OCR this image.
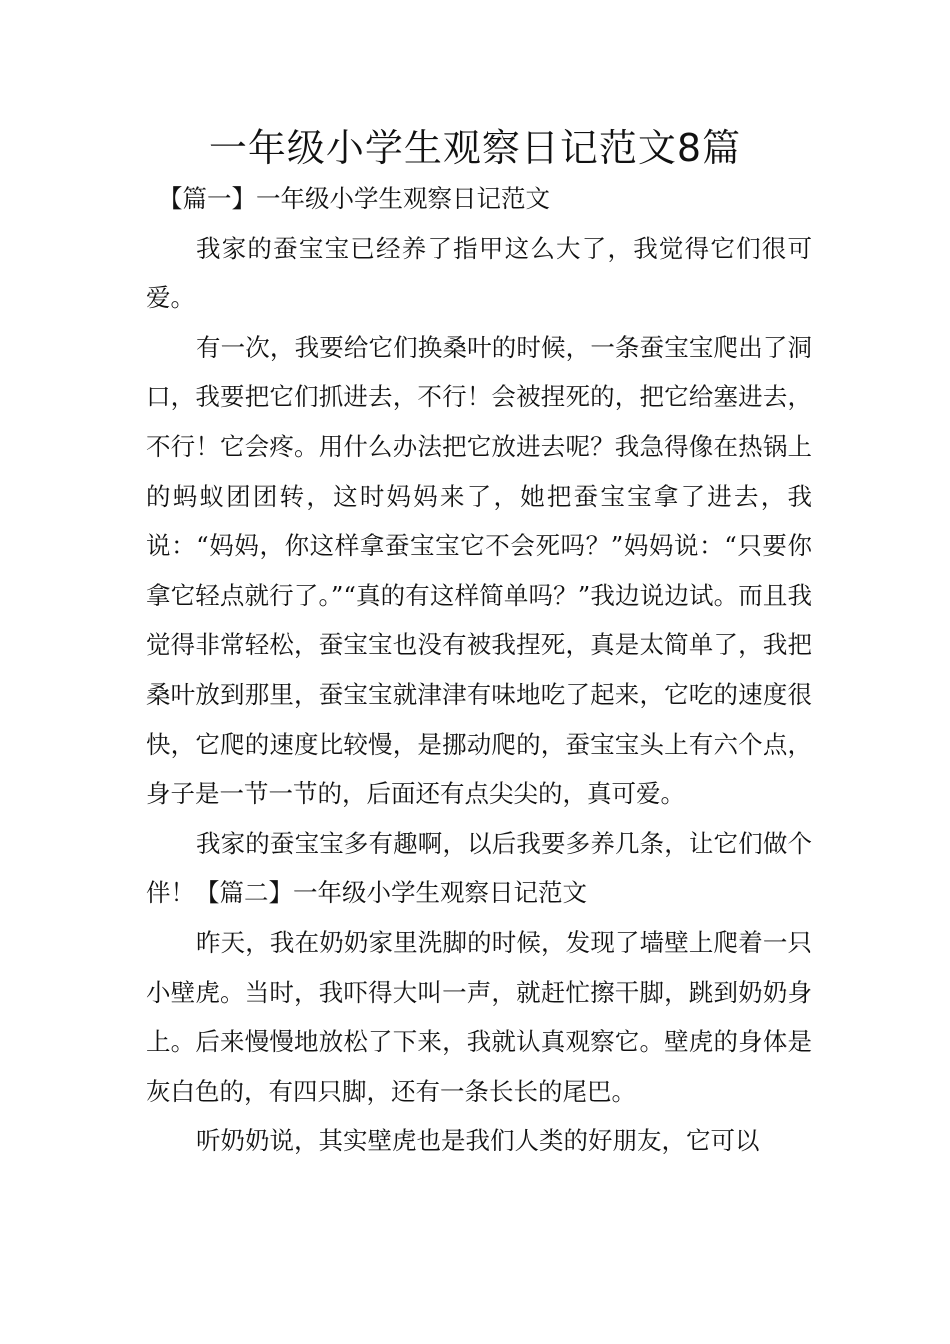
一年级小学生观察日记范文8篇

【篇一】一年级小学生观察日记范文

我家的蚕宝宝已经养了指甲这么大了，我觉得它们很可爱。

有一次，我要给它们换桑叶的时候，一条蚕宝宝爬出了洞口，我要把它们抓进去，不行！会被捏死的，把它给塞进去，不行！它会疼。用什么办法把它放进去呢？我急得像在热锅上的蚂蚁团团转，这时妈妈来了，她把蚕宝宝拿了进去，我说：“妈妈，你这样拿蚕宝宝它不会死吗？”妈妈说：“只要你拿它轻点就行了。”“真的有这样简单吗？”我边说边试。而且我觉得非常轻松，蚕宝宝也没有被我捏死，真是太简单了，我把桑叶放到那里，蚕宝宝就津津有味地吃了起来，它吃的速度很快，它爬的速度比较慢，是挪动爬的，蚕宝宝头上有六个点，身子是一节一节的，后面还有点尖尖的，真可爱。

我家的蚕宝宝多有趣啊，以后我要多养几条，让它们做个伴！【篇二】一年级小学生观察日记范文

昨天，我在奶奶家里洗脚的时候，发现了墙壁上爬着一只小壁虎。当时，我吓得大叫一声，就赶忙擦干脚，跳到奶奶身上。后来慢慢地放松了下来，我就认真观察它。壁虎的身体是灰白色的，有四只脚，还有一条长长的尾巴。

听奶奶说，其实壁虎也是我们人类的好朋友，它可以
